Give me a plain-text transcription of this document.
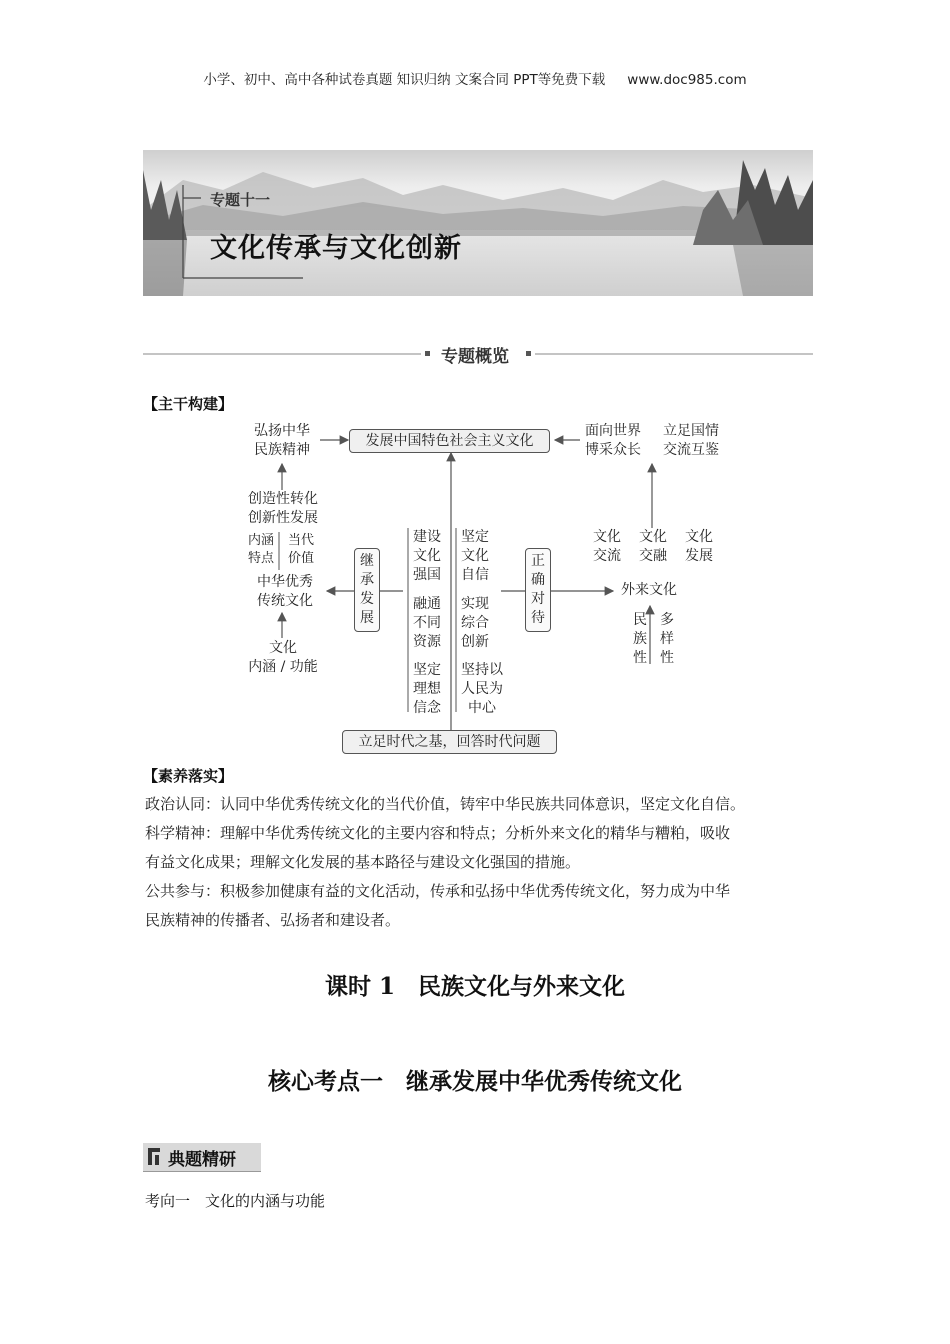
小学、初中、高中各种试卷真题 知识归纳 文案合同 PPT等免费下载 www.doc985.com
专题十一
文化传承与文化创新
专题概览
【主干构建】
发展中国特色社会主义文化
立足时代之基，回答时代问题
弘扬中华
民族精神
创造性转化
创新性发展
内涵
特点
当代
价值
中华优秀
传统文化
文化
内涵 / 功能
继
承
发
展
建设
文化
强国
融通
不同
资源
坚定
理想
信念
坚定
文化
自信
实现
综合
创新
坚持以
人民为
中心
正
确
对
待
面向世界
博采众长
立足国情
交流互鉴
文化
交流
文化
交融
文化
发展
外来文化
民
族
性
多
样
性
【素养落实】
政治认同：认同中华优秀传统文化的当代价值，铸牢中华民族共同体意识，坚定文化自信。
科学精神：理解中华优秀传统文化的主要内容和特点；分析外来文化的精华与糟粕，吸收
有益文化成果；理解文化发展的基本路径与建设文化强国的措施。
公共参与：积极参加健康有益的文化活动，传承和弘扬中华优秀传统文化，努力成为中华
民族精神的传播者、弘扬者和建设者。
课时 1　民族文化与外来文化
核心考点一　继承发展中华优秀传统文化
典题精研
考向一　文化的内涵与功能
